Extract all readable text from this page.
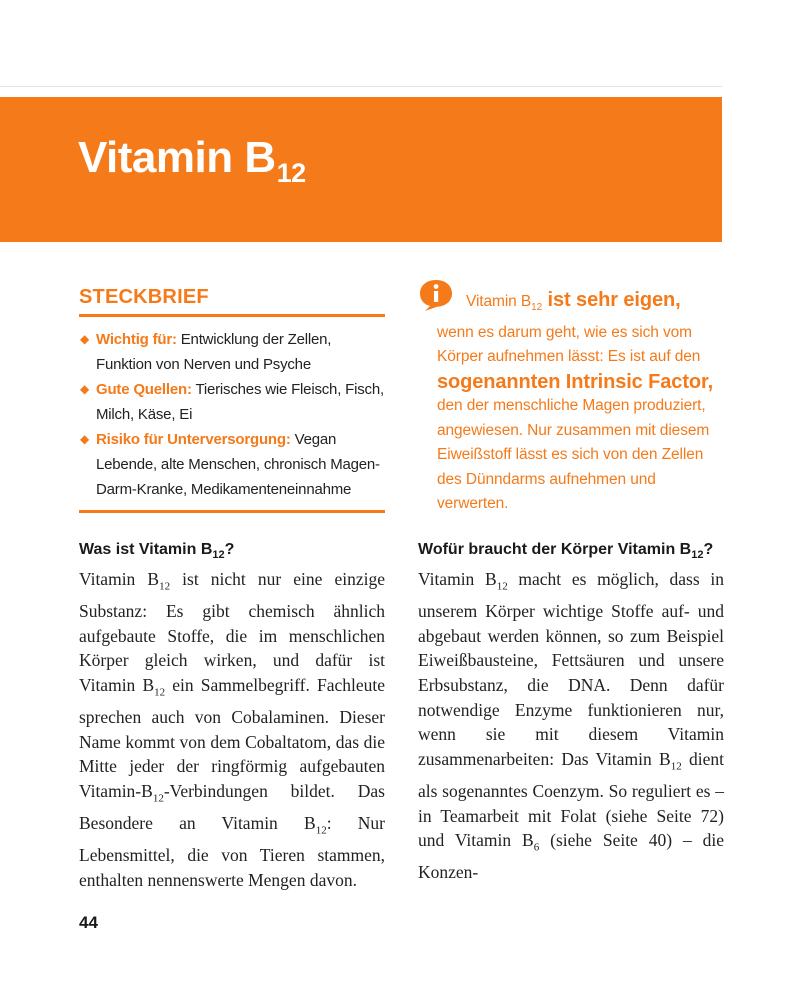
Vitamin $B_{12}$
STECKBRIEF
◆ Wichtig für: Entwicklung der Zellen, Funktion von Nerven und Psyche
◆ Gute Quellen: Tierisches wie Fleisch, Fisch, Milch, Käse, Ei
◆ Risiko für Unterversorgung: Vegan Lebende, alte Menschen, chronisch Magen-Darm-Kranke, Medikamenteneinnahme

Vitamin $B_{12}$ ist sehr eigen,

wenn es darum geht, wie es sich vom Körper aufnehmen lässt: Es ist auf den

sogenannten Intrinsic Factor,

den der menschliche Magen produziert, angewiesen. Nur zusammen mit diesem Eiweißstoff lässt es sich von den Zellen des Dünndarms aufnehmen und verwerten.

Was ist Vitamin $B_{12}$?

Vitamin $B_{12}$ ist nicht nur eine einzige Substanz: Es gibt chemisch ähnlich aufgebaute Stoffe, die im menschlichen Körper gleich wirken, und dafür ist Vitamin $B_{12}$ ein Sammelbegriff. Fachleute sprechen auch von Cobalaminen. Dieser Name kommt von dem Cobaltatom, das die Mitte jeder der ringförmig aufgebauten Vitamin-$B_{12}$-Verbindungen bildet. Das Besondere an Vitamin $B_{12}$: Nur Lebensmittel, die von Tieren stammen, enthalten nennenswerte Mengen davon.

Wofür braucht der Körper Vitamin $B_{12}$?

Vitamin $B_{12}$ macht es möglich, dass in unserem Körper wichtige Stoffe auf- und abgebaut werden können, so zum Beispiel Eiweißbausteine, Fettsäuren und unsere Erbsubstanz, die DNA. Denn dafür notwendige Enzyme funktionieren nur, wenn sie mit diesem Vitamin zusammenarbeiten: Das Vitamin $B_{12}$ dient als sogenanntes Coenzym. So reguliert es – in Teamarbeit mit Folat (siehe Seite 72) und Vitamin $B_6$ (siehe Seite 40) – die Konzen-

44
